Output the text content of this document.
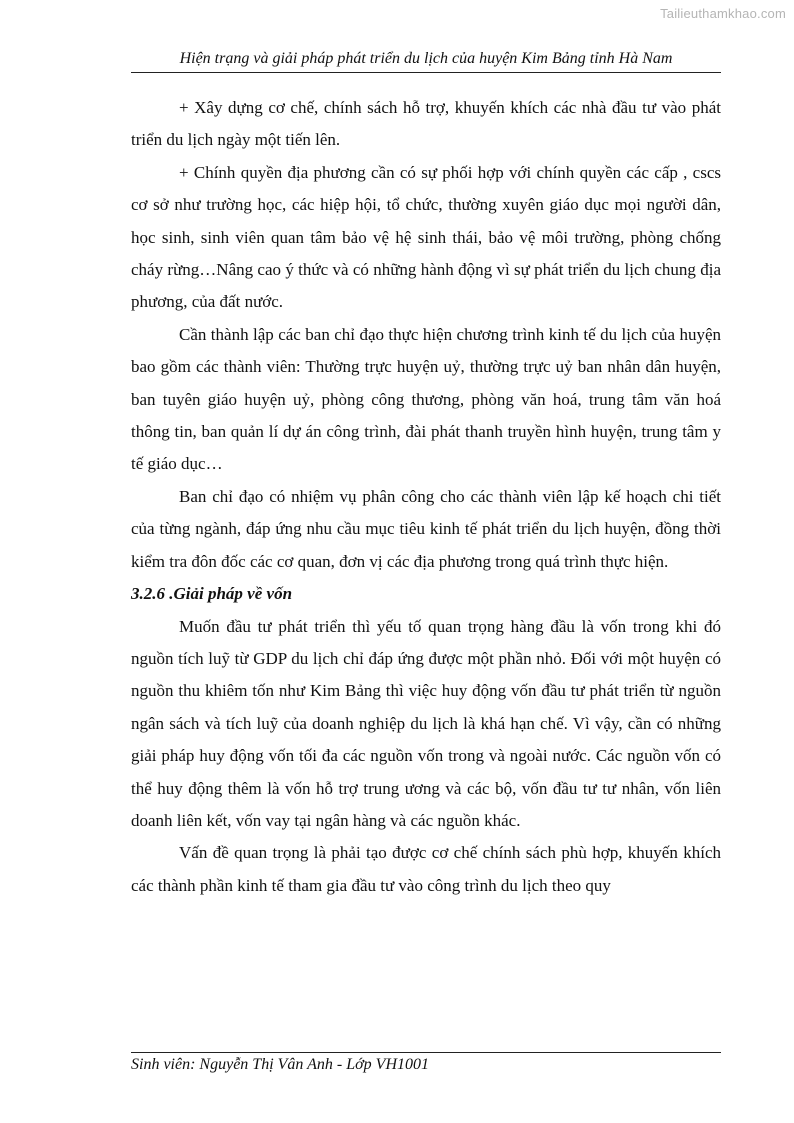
Tailieuthamkhao.com
Hiện trạng và giải pháp phát triển du lịch của huyện Kim Bảng tỉnh Hà Nam

+ Xây dựng cơ chế, chính sách hỗ trợ, khuyến khích các nhà đầu tư vào phát triển du lịch ngày một tiến lên.

+ Chính quyền địa phương cần có sự phối hợp với chính quyền các cấp , cscs cơ sở như trường học, các hiệp hội, tổ chức, thường xuyên giáo dục mọi người dân, học sinh, sinh viên quan tâm bảo vệ hệ sinh thái, bảo vệ môi trường, phòng chống cháy rừng…Nâng cao ý thức và có những hành động vì sự phát triển du lịch chung địa phương, của đất nước.

Cần thành lập các ban chỉ đạo thực hiện chương trình kinh tế du lịch của huyện bao gồm các thành viên: Thường trực huyện uỷ, thường trực uỷ ban nhân dân huyện, ban tuyên giáo huyện uỷ, phòng công thương, phòng văn hoá, trung tâm văn hoá thông tin, ban quản lí dự án công trình, đài phát thanh truyền hình huyện, trung tâm y tế giáo dục…

Ban chỉ đạo có nhiệm vụ phân công cho các thành viên lập kế hoạch chi tiết của từng ngành, đáp ứng nhu cầu mục tiêu kinh tế phát triển du lịch huyện, đồng thời kiểm tra đôn đốc các cơ quan, đơn vị các địa phương trong quá trình thực hiện.

3.2.6 .Giải pháp về vốn

Muốn đầu tư phát triển thì yếu tố quan trọng hàng đầu là vốn trong khi đó nguồn tích luỹ từ GDP du lịch chỉ đáp ứng được một phần nhỏ. Đối với một huyện có nguồn thu khiêm tốn như Kim Bảng thì việc huy động vốn đầu tư phát triển từ nguồn ngân sách và tích luỹ của doanh nghiệp du lịch là khá hạn chế. Vì vậy, cần có những giải pháp huy động vốn tối đa các nguồn vốn trong và ngoài nước. Các nguồn vốn có thể huy động thêm là vốn hỗ trợ trung ương và các bộ, vốn đầu tư tư nhân, vốn liên doanh liên kết, vốn vay tại ngân hàng và các nguồn khác.

Vấn đề quan trọng là phải tạo được cơ chế chính sách phù hợp, khuyến khích các thành phần kinh tế tham gia đầu tư vào công trình du lịch theo quy

Sinh viên: Nguyễn Thị Vân Anh - Lớp VH1001
